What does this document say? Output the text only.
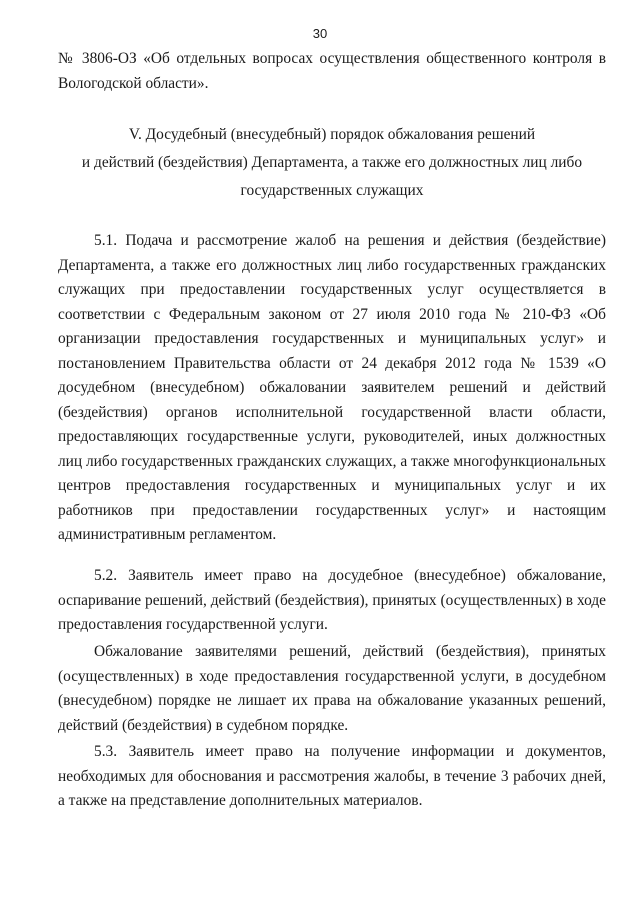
30

№ 3806-ОЗ «Об отдельных вопросах осуществления общественного контроля в Вологодской области».

V. Досудебный (внесудебный) порядок обжалования решений
и действий (бездействия) Департамента, а также его должностных лиц либо
государственных служащих

5.1. Подача и рассмотрение жалоб на решения и действия (бездействие) Департамента, а также его должностных лиц либо государственных гражданских служащих при предоставлении государственных услуг осуществляется в соответствии с Федеральным законом от 27 июля 2010 года № 210-ФЗ «Об организации предоставления государственных и муниципальных услуг» и постановлением Правительства области от 24 декабря 2012 года № 1539 «О досудебном (внесудебном) обжаловании заявителем решений и действий (бездействия) органов исполнительной государственной власти области, предоставляющих государственные услуги, руководителей, иных должностных лиц либо государственных гражданских служащих, а также многофункциональных центров предоставления государственных и муниципальных услуг и их работников при предоставлении государственных услуг» и настоящим административным регламентом.

5.2. Заявитель имеет право на досудебное (внесудебное) обжалование, оспаривание решений, действий (бездействия), принятых (осуществленных) в ходе предоставления государственной услуги.

Обжалование заявителями решений, действий (бездействия), принятых (осуществленных) в ходе предоставления государственной услуги, в досудебном (внесудебном) порядке не лишает их права на обжалование указанных решений, действий (бездействия) в судебном порядке.

5.3. Заявитель имеет право на получение информации и документов, необходимых для обоснования и рассмотрения жалобы, в течение 3 рабочих дней, а также на представление дополнительных материалов.
